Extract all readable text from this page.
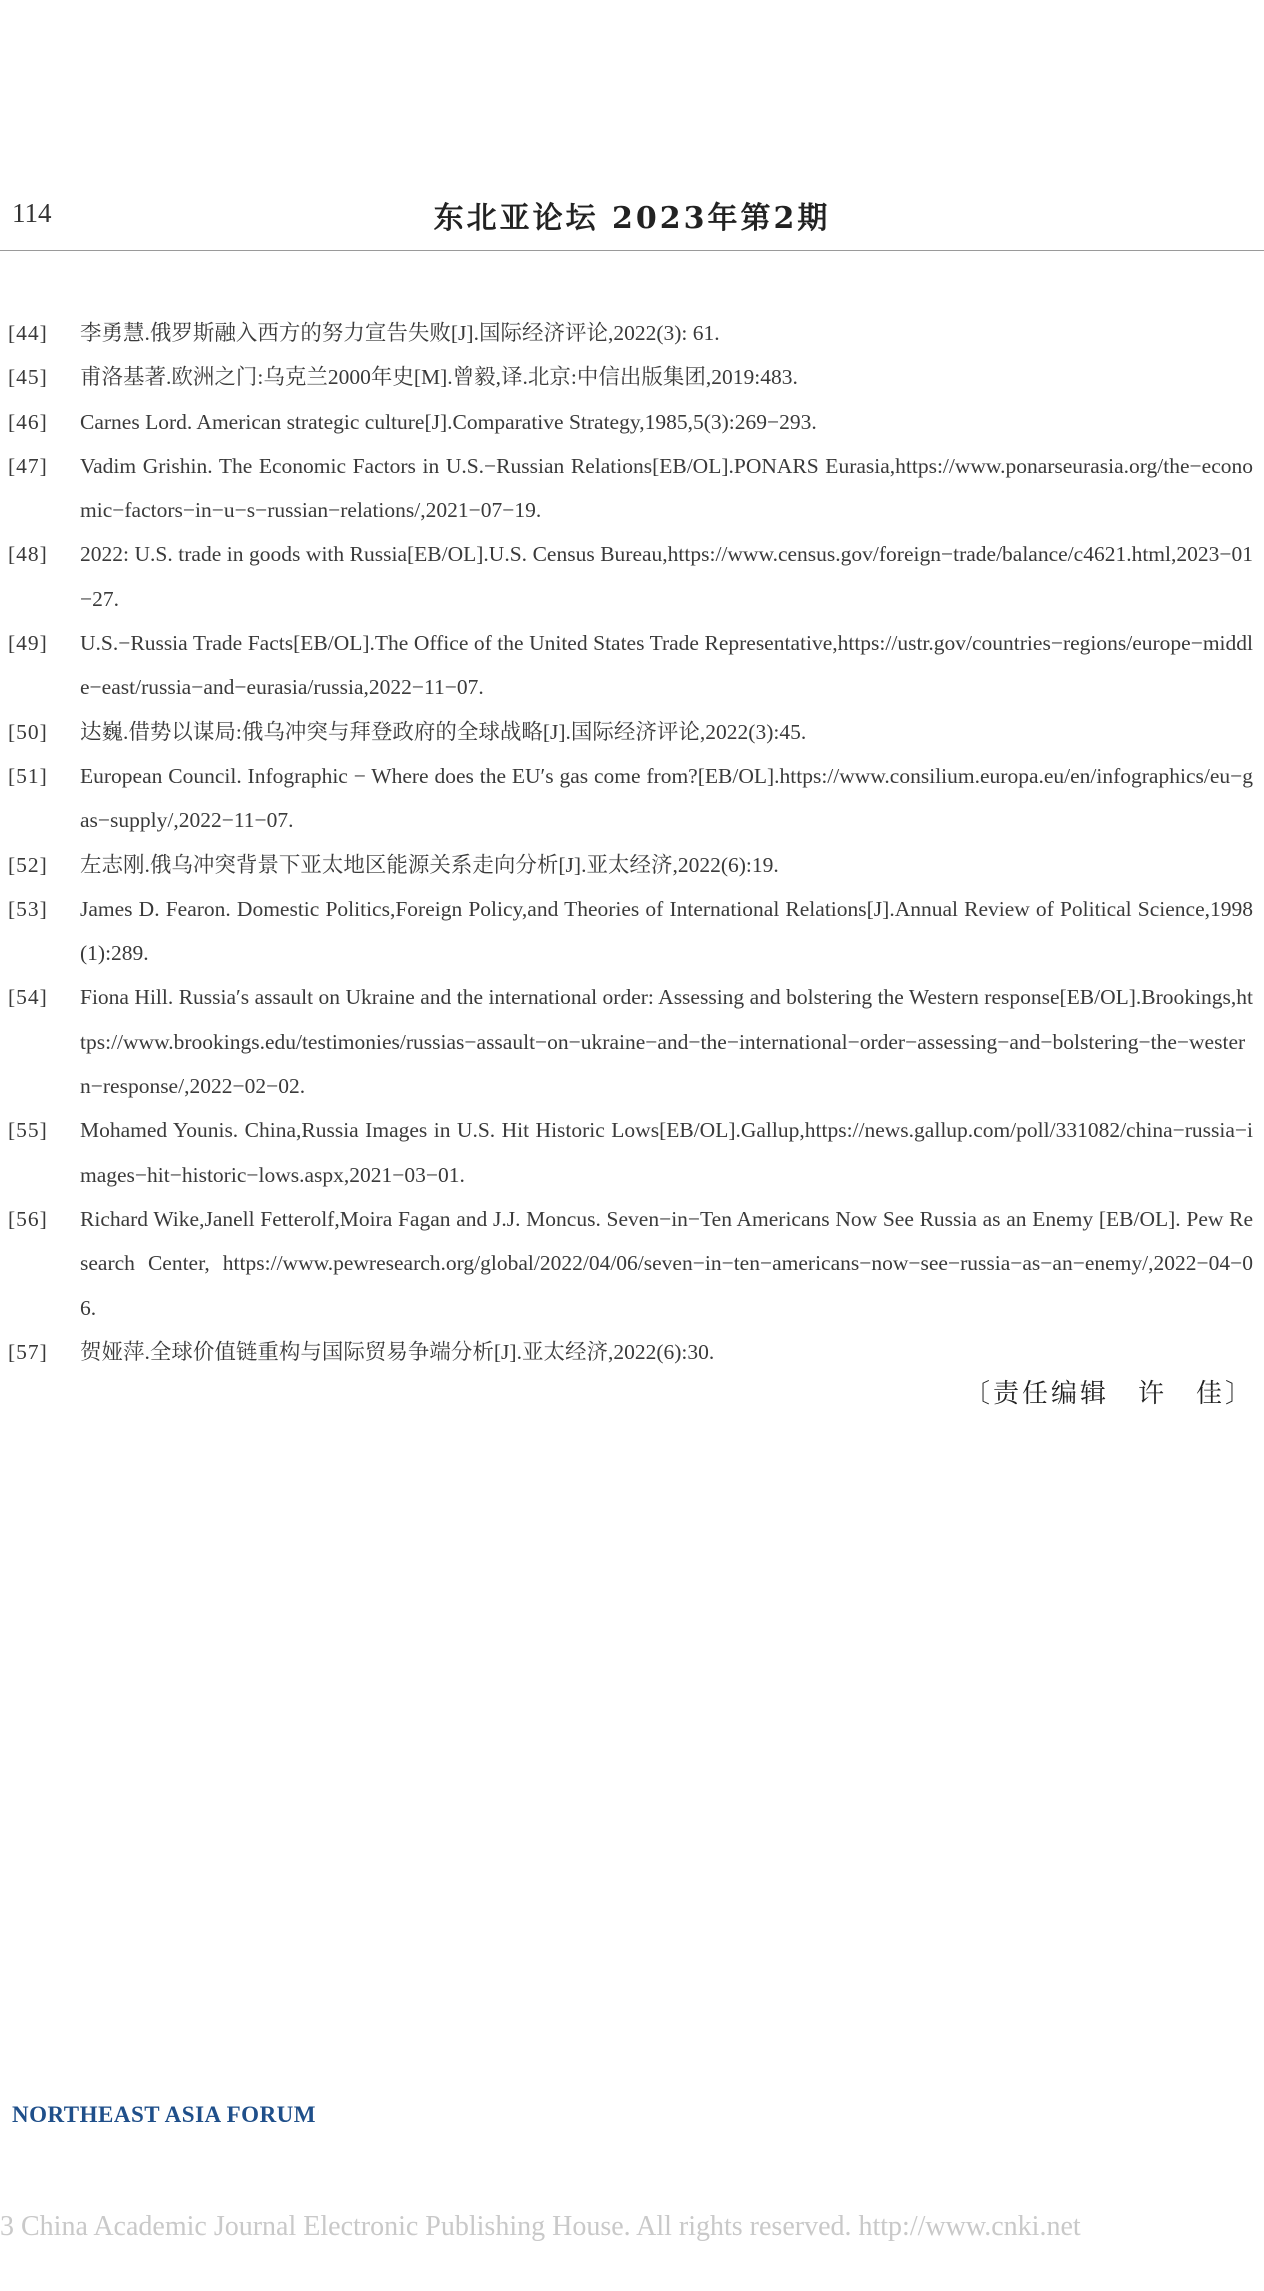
114	东北亚论坛 2023年第2期
[44] 李勇慧.俄罗斯融入西方的努力宣告失败[J].国际经济评论,2022(3): 61.
[45] 甫洛基著.欧洲之门:乌克兰2000年史[M].曾毅,译.北京:中信出版集团,2019:483.
[46] Carnes Lord. American strategic culture[J].Comparative Strategy,1985,5(3):269−293.
[47] Vadim Grishin. The Economic Factors in U.S.−Russian Relations[EB/OL].PONARS Eurasia,https://www.ponarseurasia.org/the−economic−factors−in−u−s−russian−relations/,2021−07−19.
[48] 2022: U.S. trade in goods with Russia[EB/OL].U.S. Census Bureau,https://www.census.gov/foreign−trade/balance/c4621.html,2023−01−27.
[49] U.S.−Russia Trade Facts[EB/OL].The Office of the United States Trade Representative,https://ustr.gov/countries−regions/europe−middle−east/russia−and−eurasia/russia,2022−11−07.
[50] 达巍.借势以谋局:俄乌冲突与拜登政府的全球战略[J].国际经济评论,2022(3):45.
[51] European Council. Infographic − Where does the EU′s gas come from?[EB/OL].https://www.consilium.europa.eu/en/infographics/eu−gas−supply/,2022−11−07.
[52] 左志刚.俄乌冲突背景下亚太地区能源关系走向分析[J].亚太经济,2022(6):19.
[53] James D. Fearon. Domestic Politics,Foreign Policy,and Theories of International Relations[J].Annual Review of Political Science,1998(1):289.
[54] Fiona Hill. Russia′s assault on Ukraine and the international order: Assessing and bolstering the Western response[EB/OL].Brookings,https://www.brookings.edu/testimonies/russias−assault−on−ukraine−and−the−international−order−assessing−and−bolstering−the−western−response/,2022−02−02.
[55] Mohamed Younis. China,Russia Images in U.S. Hit Historic Lows[EB/OL].Gallup,https://news.gallup.com/poll/331082/china−russia−images−hit−historic−lows.aspx,2021−03−01.
[56] Richard Wike,Janell Fetterolf,Moira Fagan and J.J. Moncus. Seven−in−Ten Americans Now See Russia as an Enemy [EB/OL]. Pew Research Center, https://www.pewresearch.org/global/2022/04/06/seven−in−ten−americans−now−see−russia−as−an−enemy/,2022−04−06.
[57] 贺娅萍.全球价值链重构与国际贸易争端分析[J].亚太经济,2022(6):30.
〔责任编辑　许　佳〕
NORTHEAST ASIA FORUM
3 China Academic Journal Electronic Publishing House. All rights reserved. http://www.cnki.net
